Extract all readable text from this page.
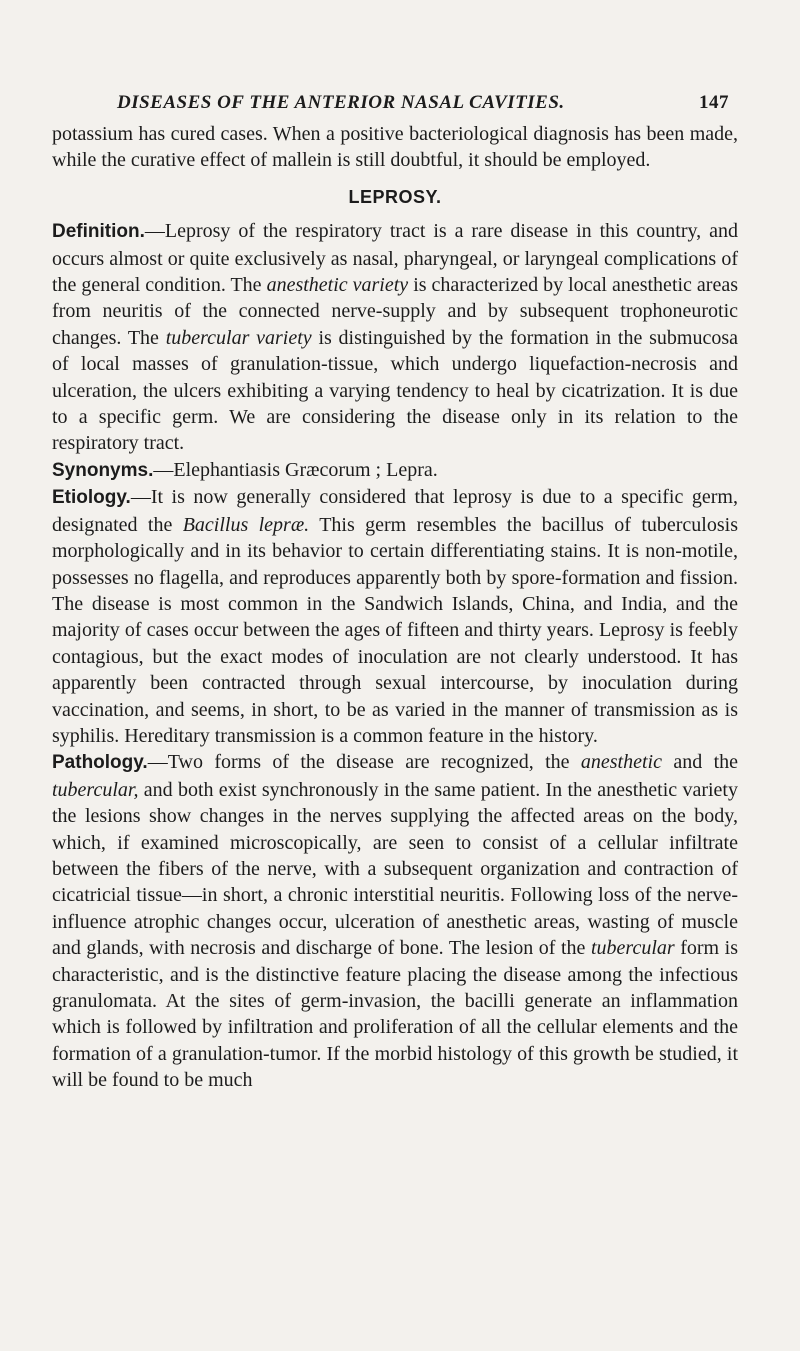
DISEASES OF THE ANTERIOR NASAL CAVITIES.	147

potassium has cured cases. When a positive bacteriological diagnosis has been made, while the curative effect of mallein is still doubtful, it should be employed.

LEPROSY.

Definition.—Leprosy of the respiratory tract is a rare disease in this country, and occurs almost or quite exclusively as nasal, pharyngeal, or laryngeal complications of the general condition. The anesthetic variety is characterized by local anesthetic areas from neuritis of the connected nerve-supply and by subsequent trophoneurotic changes. The tubercular variety is distinguished by the formation in the submucosa of local masses of granulation-tissue, which undergo liquefaction-necrosis and ulceration, the ulcers exhibiting a varying tendency to heal by cicatrization. It is due to a specific germ. We are considering the disease only in its relation to the respiratory tract.

Synonyms.—Elephantiasis Græcorum ; Lepra.

Etiology.—It is now generally considered that leprosy is due to a specific germ, designated the Bacillus lepræ. This germ resembles the bacillus of tuberculosis morphologically and in its behavior to certain differentiating stains. It is non-motile, possesses no flagella, and reproduces apparently both by spore-formation and fission. The disease is most common in the Sandwich Islands, China, and India, and the majority of cases occur between the ages of fifteen and thirty years. Leprosy is feebly contagious, but the exact modes of inoculation are not clearly understood. It has apparently been contracted through sexual intercourse, by inoculation during vaccination, and seems, in short, to be as varied in the manner of transmission as is syphilis. Hereditary transmission is a common feature in the history.

Pathology.—Two forms of the disease are recognized, the anesthetic and the tubercular, and both exist synchronously in the same patient. In the anesthetic variety the lesions show changes in the nerves supplying the affected areas on the body, which, if examined microscopically, are seen to consist of a cellular infiltrate between the fibers of the nerve, with a subsequent organization and contraction of cicatricial tissue—in short, a chronic interstitial neuritis. Following loss of the nerve-influence atrophic changes occur, ulceration of anesthetic areas, wasting of muscle and glands, with necrosis and discharge of bone. The lesion of the tubercular form is characteristic, and is the distinctive feature placing the disease among the infectious granulomata. At the sites of germ-invasion, the bacilli generate an inflammation which is followed by infiltration and proliferation of all the cellular elements and the formation of a granulation-tumor. If the morbid histology of this growth be studied, it will be found to be much
